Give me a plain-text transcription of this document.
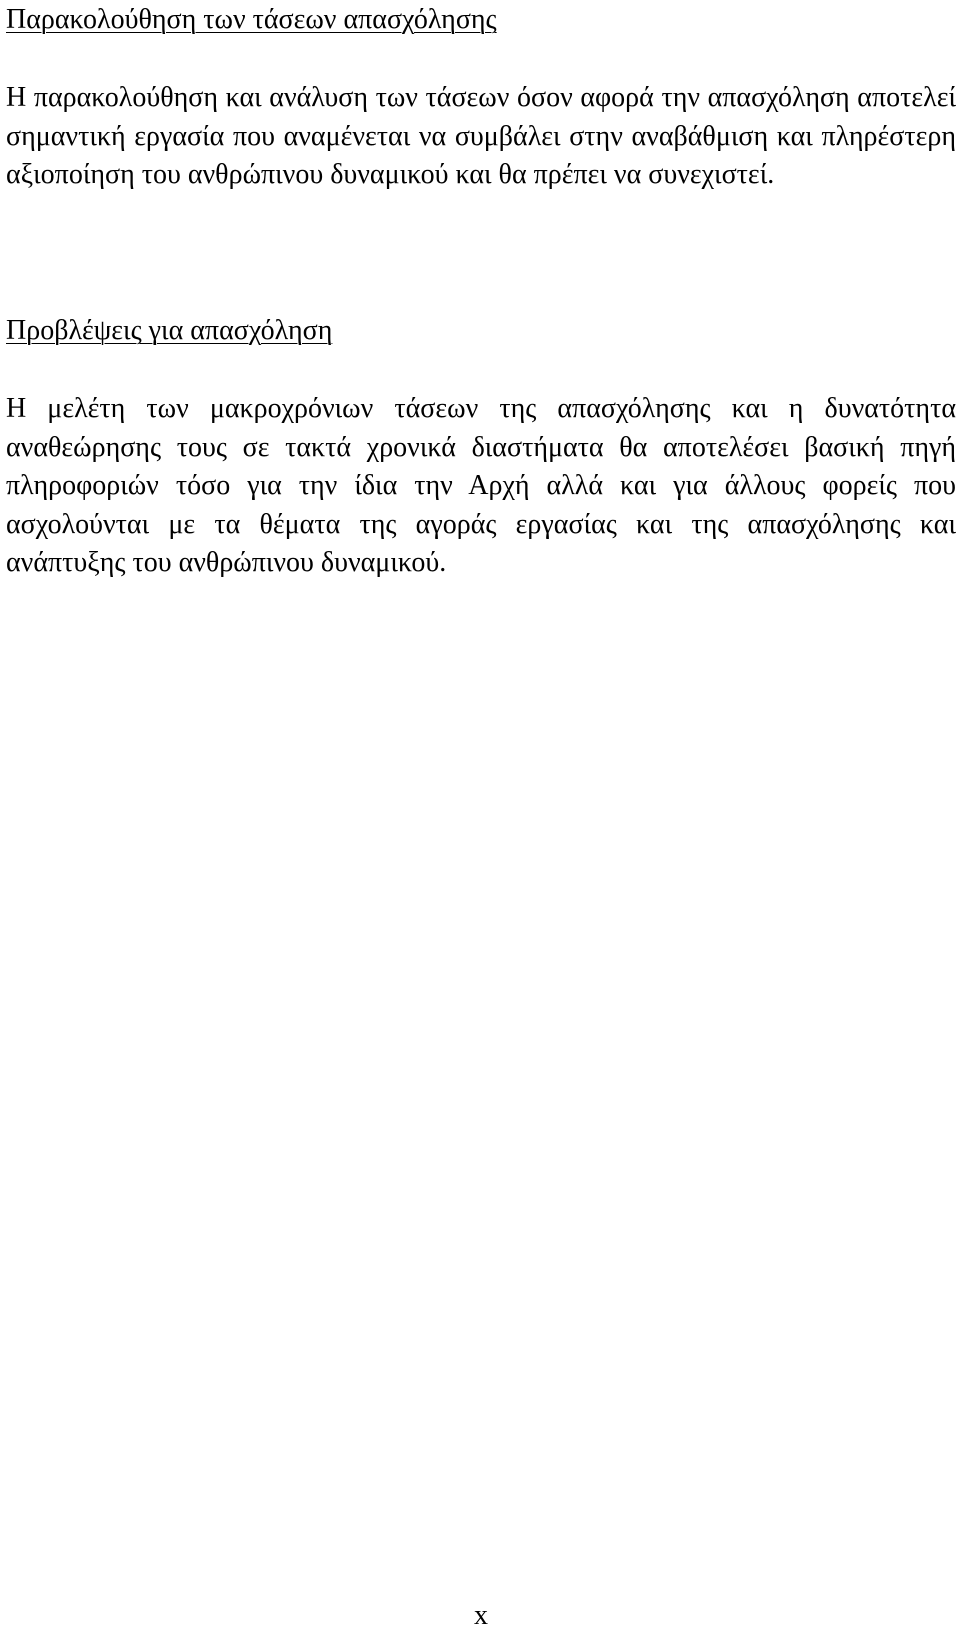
Παρακολούθηση των τάσεων απασχόλησης

Η παρακολούθηση και ανάλυση των τάσεων όσον αφορά την απασχόληση αποτελεί σημαντική εργασία που αναμένεται να συμβάλει στην αναβάθμιση και πληρέστερη αξιοποίηση του ανθρώπινου δυναμικού και θα πρέπει να συνεχιστεί.

Προβλέψεις για απασχόληση

Η μελέτη των μακροχρόνιων τάσεων της απασχόλησης και η δυνατότητα αναθεώρησης τους σε τακτά χρονικά διαστήματα θα αποτελέσει βασική πηγή πληροφοριών τόσο για την ίδια την Αρχή αλλά και για άλλους φορείς που ασχολούνται με τα θέματα της αγοράς εργασίας και της απασχόλησης και ανάπτυξης του ανθρώπινου δυναμικού.

x
